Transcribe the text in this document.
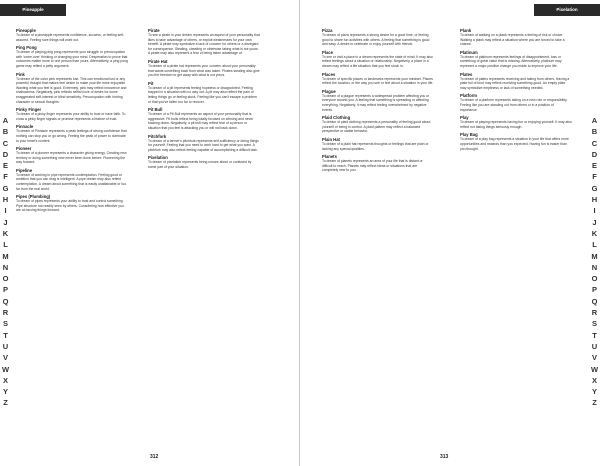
Pineapple
Pineapple
To dream of a pineapple represents confidence, success, or feeling self-assured. Feeling sure things will work out.
Ping Pong
To dream of playing ping pong represents your struggle or preoccupation with 'come-over' thinking or changing your mind. Desperation to prove that outcomes matter more to one person than yours. Alternatively, a ping pong game may reflect a petty argument.
Pink
To dream of the color pink represents lust. This can emotional lust or any powerful thought that makes feel desire to make your life more enjoyable. Wanting what you feel is good. Extremely, pink may reflect innocence and shallowness. Negatively, pink reflects selfish love of desire for some exaggerated self-interest or blind sensitivity. Preoccupation with hurting character or sexual thoughts.
Pinky Finger
To dream of a pinky finger represents your ability to trust or have faith. To cross a pinky finger signals or promise represents a feature of trust.
Pinnacle
To dream of Pinnacle represents a peak feelings of strong confidence that nothing can stop you or go wrong. Feeling the peak of power to dominate to your heart's content.
Pioneer
To dream of a pioneer represents a character giving energy. Creating new territory or doing something new never been done before. Pioneering the way forward.
Pipeline
To dream of working in pipe represents contemplation. Feeling good or ambition that you can drag is intelligent. A pipe dream may also reflect contemplation. A dream about something that is easily unattainable or too far from the real world.
Pipes (Plumbing)
To dream of pipes represents your ability to trust and control something. Pipe structure not readily seen by others. Considering how effective you are at moving things forward.
Pirate
To see a pirate in your dream represents an aspect of your personality that likes to take advantage of others, or exploit weaknesses for your own benefit. A pirate may symbolize a lack of concern for others or a disregard for consequence. Stealing, cheating or otherwise taking what is not yours. A pirate may also represent a fear of being taken advantage of.
Pirate Hat
To dream of a pirate hat represents your concern about your personality that wants something back from what was taken. Pirates stealing also give you the freedom to get away with what is not yours.
Pit
To dream of a pit represents feeling hopeless or disappointed. Feeling trapped in a situation with no way out. A pit may also reflect the pain of letting things go or feeling stuck. Feeling like you can't escape a problem or that you've fallen too far to recover.
Pit Bull
To dream of a Pit Bull represents an aspect of your personality that is aggressive. Pit bulls reflect being totally focused on winning and never backing down. Negatively, a pit bull may reflect fear of a person or situation that you feel is attacking you or will not back down.
Pitchfork
To dream of a farmer's pitchfork represents self-sufficiency or doing things for yourself. Feeling that you need to work hard to get what you want. A pitchfork may also reflect feeling capable of accomplishing a difficult task.
Pixelation
To dream of pixelation represents being unsure about or confused by some part of your situation.
A
B
C
D
E
F
G
H
I
J
K
L
M
N
O
P
Q
R
S
T
U
V
W
X
Y
Z
312
Pixelation
Pizza
To dream of pizza represents a strong desire for a good time, or feeling good to share fun activities with others. A feeling that something is good and easy. A desire to celebrate or enjoy yourself with friends.
Place
To see or visit a place in a dream represents the state of mind. It may also reflect feelings about a situation or relationship. Negatively, a place in a dream may reflect a life situation that you feel stuck in.
Places
To dream of specific places or landmarks represents your mindset. Places reflect the location, or the way you see or feel about a situation in your life.
Plague
To dream of a plague represents a widespread problem affecting you or everyone around you. A feeling that something is spreading or affecting everything. Negatively, it may reflect feeling overwhelmed by negative events.
Plaid Clothing
To dream of plaid clothing represents a personality of feeling good about yourself or being in control. A plaid pattern may reflect a balanced perspective or stable behavior.
Plain Hat
To dream of a plain hat represents thoughts or feelings that are plain or lacking any special qualities.
Planets
To dream of planets represents an area of your life that is distant or difficult to reach. Planets may reflect ideas or situations that are completely new to you.
Plank
To dream of walking on a plank represents a feeling of risk or choice. Walking a plank may reflect a situation where you are forced to take a chance.
Platinum
To dream of platinum represents feelings of disappointment, loss or something of great value that is missing. Alternatively, platinum may represent a major positive change you made to improve your life.
Plates
To dream of plates represents receiving and taking from others. Having a plate full of food may reflect receiving something good. An empty plate may symbolize emptiness or lack of something needed.
Platform
To dream of a platform represents taking on a new role or responsibility. Feeling like you are standing out from others or in a position of importance.
Play
To dream of playing represents having fun or enjoying yourself. It may also reflect not taking things seriously enough.
Play Bag
To dream of a play bag represents a situation in your life that offers more opportunities and rewards than you expected. Having fun is easier than you thought.
A
B
C
D
E
F
G
H
I
J
K
L
M
N
O
P
Q
R
S
T
U
V
W
X
Y
Z
313
